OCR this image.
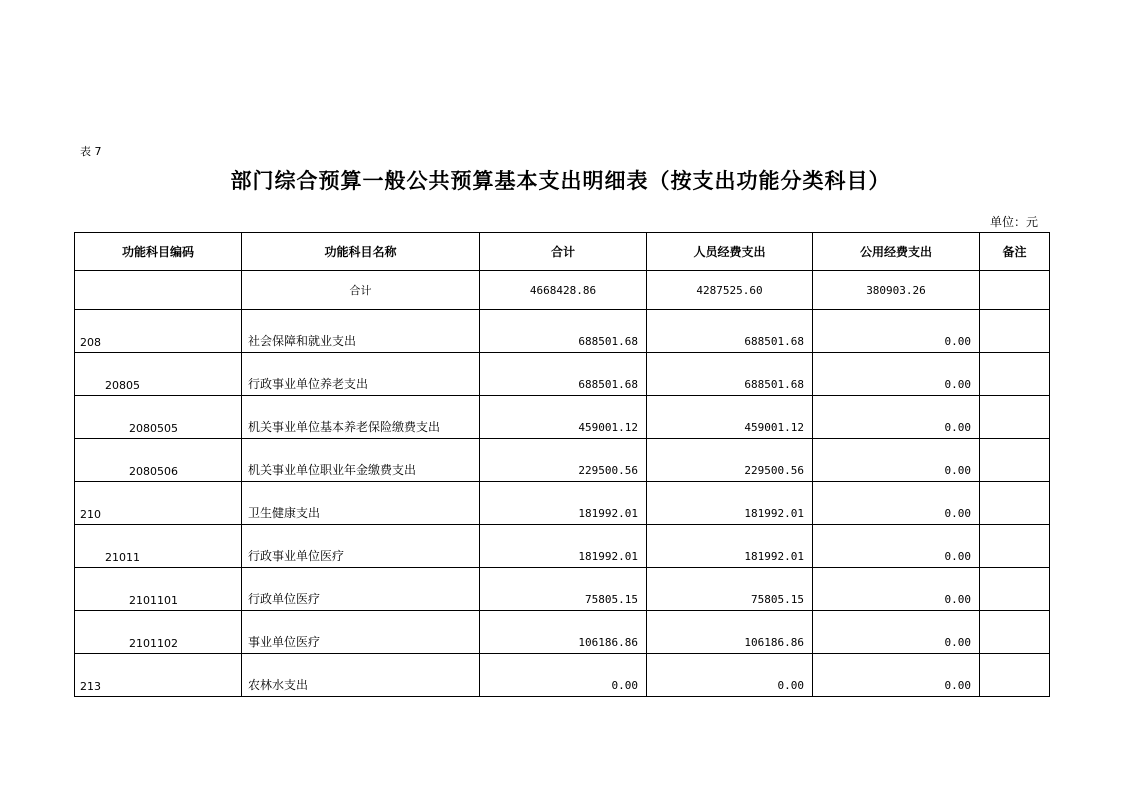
表 7
部门综合预算一般公共预算基本支出明细表（按支出功能分类科目）
单位：元
功能科目编码	功能科目名称	合计	人员经费支出	公用经费支出	备注
	合计	4668428.86	4287525.60	380903.26	
208	社会保障和就业支出	688501.68	688501.68	0.00	
20805	行政事业单位养老支出	688501.68	688501.68	0.00	
2080505	机关事业单位基本养老保险缴费支出	459001.12	459001.12	0.00	
2080506	机关事业单位职业年金缴费支出	229500.56	229500.56	0.00	
210	卫生健康支出	181992.01	181992.01	0.00	
21011	行政事业单位医疗	181992.01	181992.01	0.00	
2101101	行政单位医疗	75805.15	75805.15	0.00	
2101102	事业单位医疗	106186.86	106186.86	0.00	
213	农林水支出	0.00	0.00	0.00	
